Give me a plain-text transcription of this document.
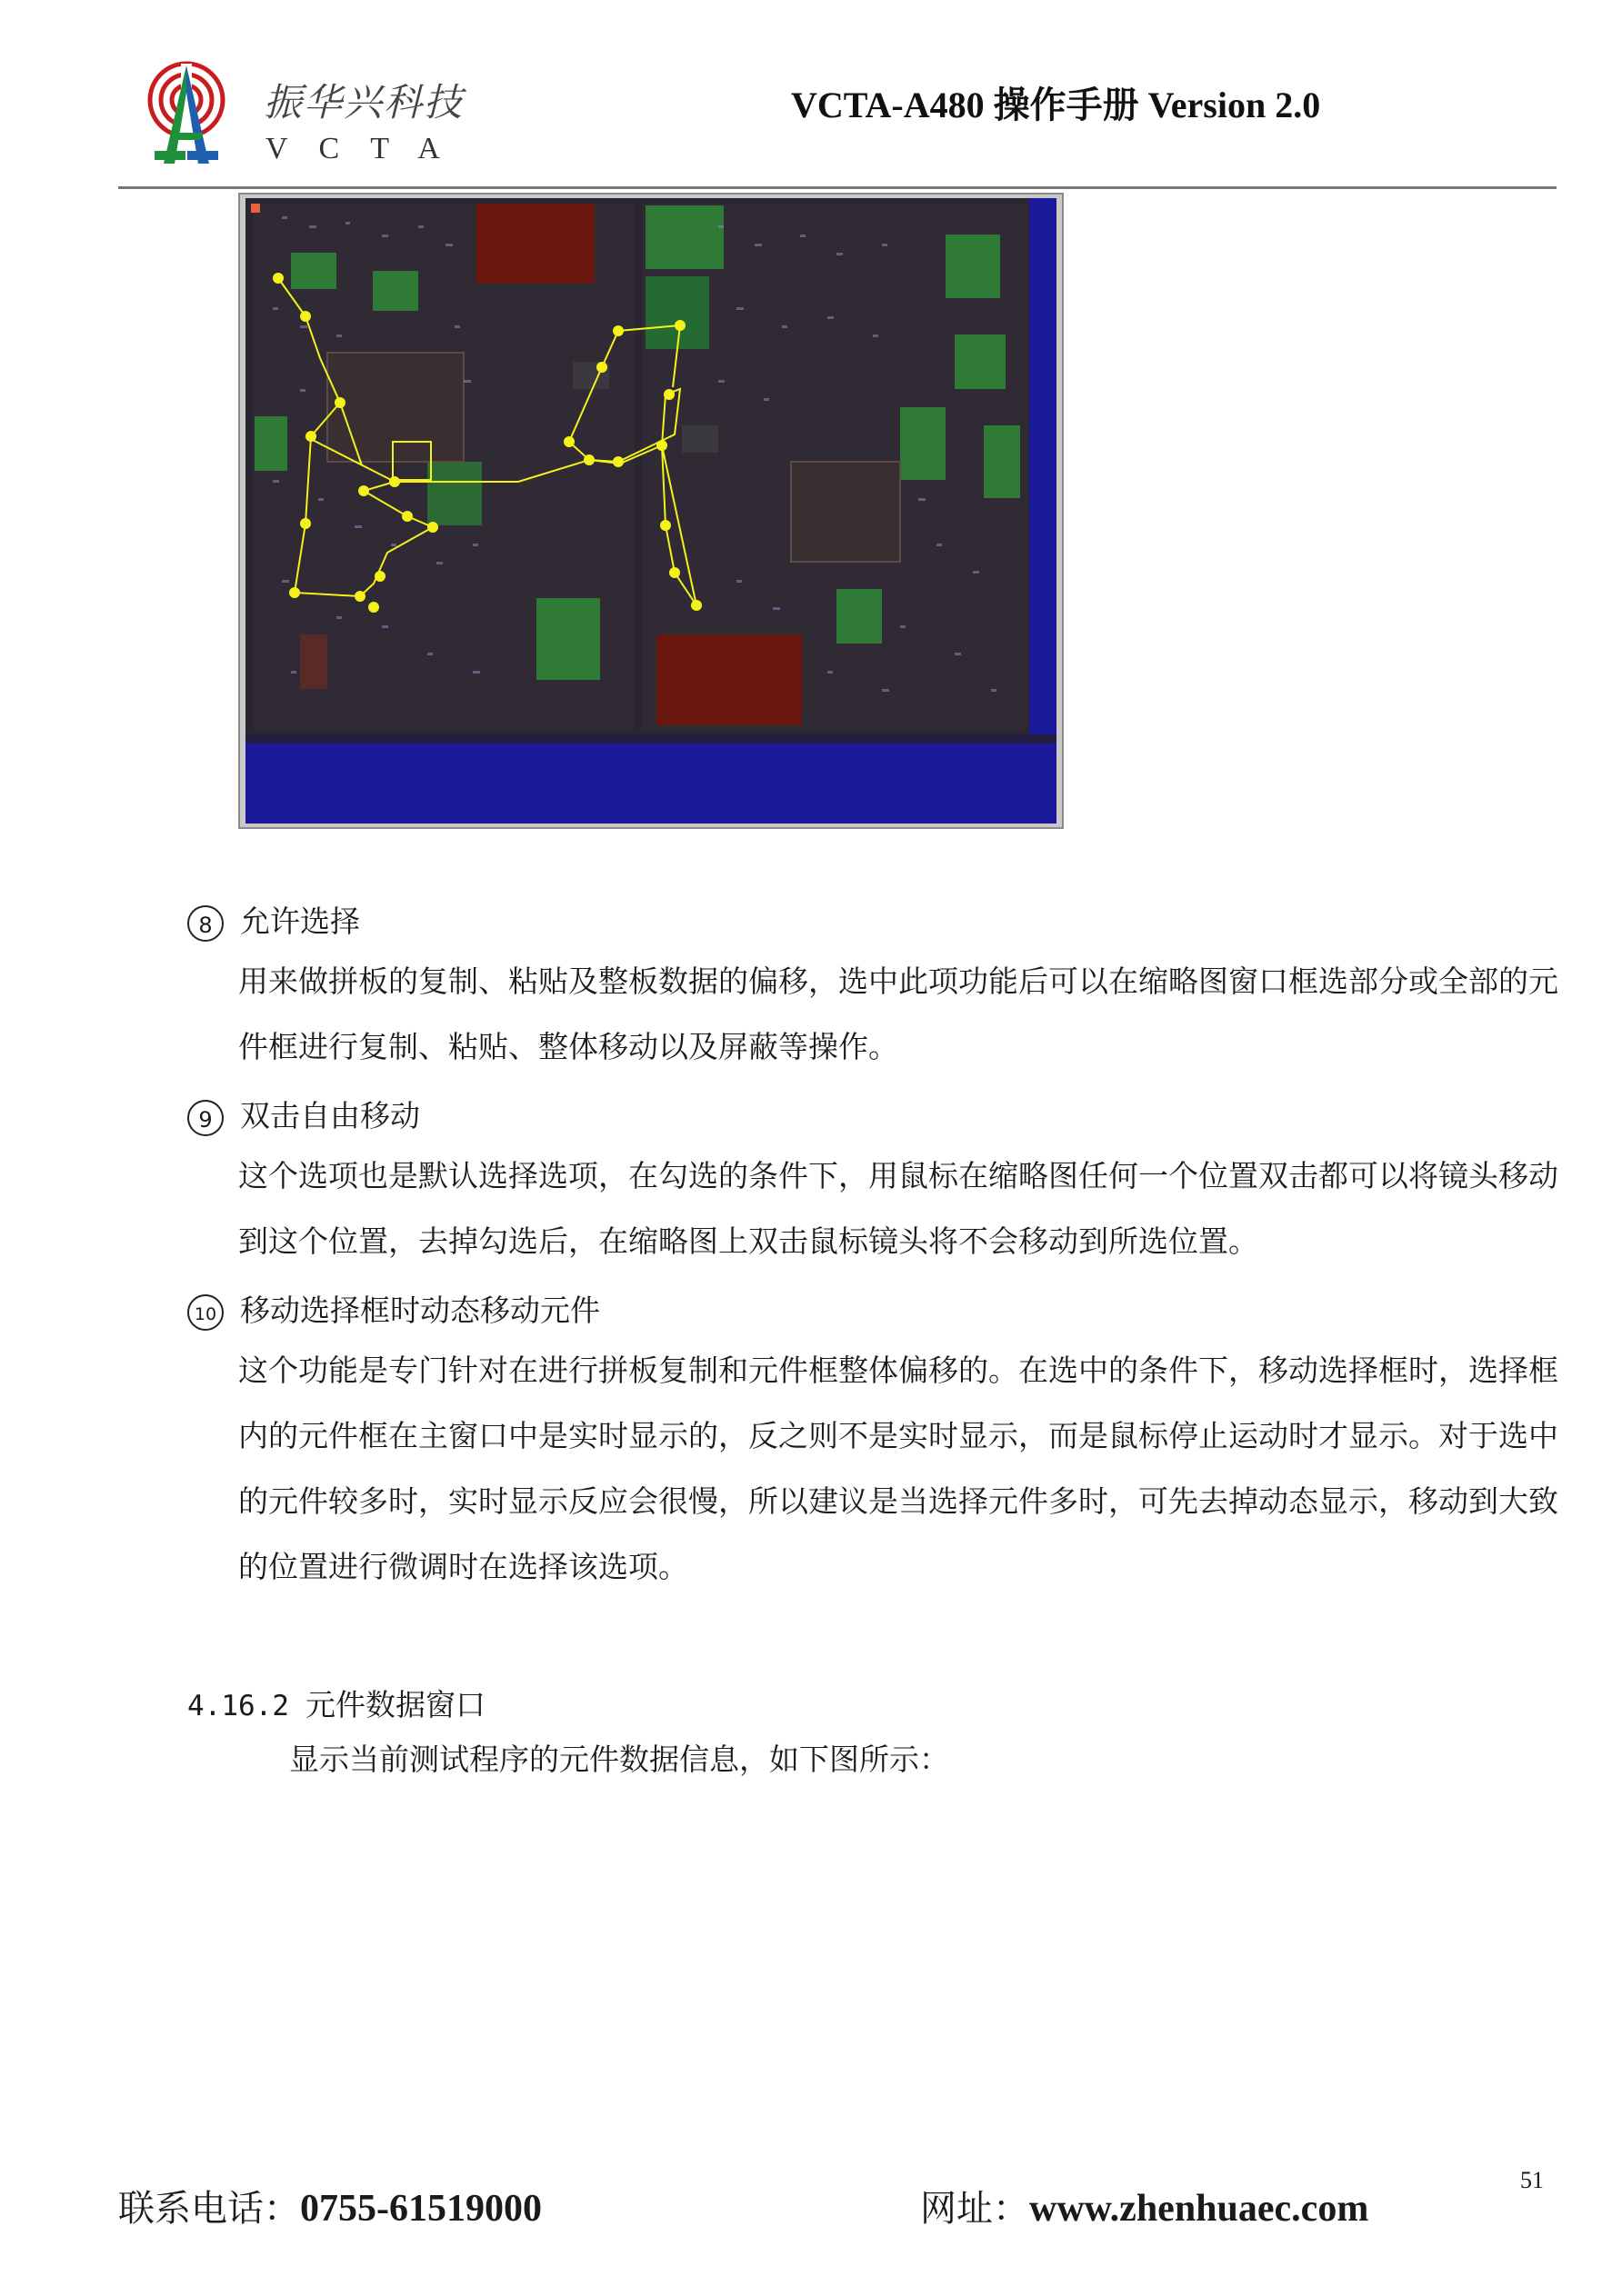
振华兴科技
VCTA
VCTA-A480 操作手册 Version 2.0
8 允许选择
用来做拼板的复制、粘贴及整板数据的偏移，选中此项功能后可以在缩略图窗口框选部分或全部的元件框进行复制、粘贴、整体移动以及屏蔽等操作。
9 双击自由移动
这个选项也是默认选择选项，在勾选的条件下，用鼠标在缩略图任何一个位置双击都可以将镜头移动到这个位置，去掉勾选后，在缩略图上双击鼠标镜头将不会移动到所选位置。
10 移动选择框时动态移动元件
这个功能是专门针对在进行拼板复制和元件框整体偏移的。在选中的条件下，移动选择框时，选择框内的元件框在主窗口中是实时显示的，反之则不是实时显示，而是鼠标停止运动时才显示。对于选中的元件较多时，实时显示反应会很慢，所以建议是当选择元件多时，可先去掉动态显示，移动到大致的位置进行微调时在选择该选项。
4.16.2 元件数据窗口
显示当前测试程序的元件数据信息，如下图所示：
联系电话：0755-61519000	网址：www.zhenhuaec.com
51
